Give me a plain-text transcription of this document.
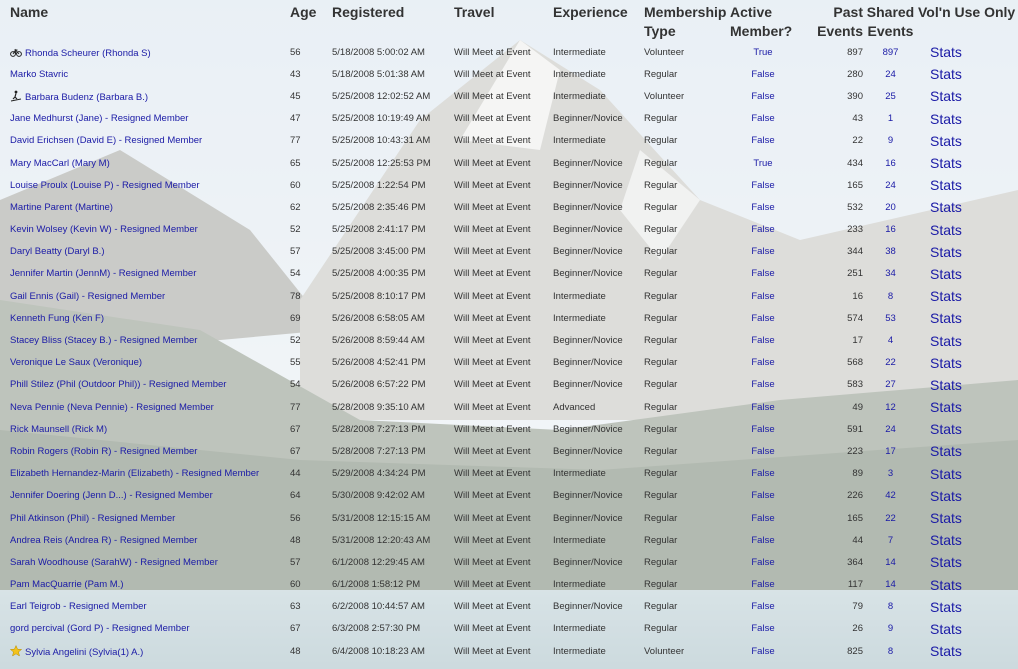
Name	Age	Registered	Travel	Experience	Membership Type	Active Member?	Past Events	Shared Events	Vol'n Use Only
Rhonda Scheurer (Rhonda S)	56	5/18/2008 5:00:02 AM	Will Meet at Event	Intermediate	Volunteer	True	897	897	Stats
Marko Stavric	43	5/18/2008 5:01:38 AM	Will Meet at Event	Intermediate	Regular	False	280	24	Stats
Barbara Budenz (Barbara B.)	45	5/25/2008 12:02:52 AM	Will Meet at Event	Intermediate	Volunteer	False	390	25	Stats
Jane Medhurst (Jane) - Resigned Member	47	5/25/2008 10:19:49 AM	Will Meet at Event	Beginner/Novice	Regular	False	43	1	Stats
David Erichsen (David E) - Resigned Member	77	5/25/2008 10:43:31 AM	Will Meet at Event	Intermediate	Regular	False	22	9	Stats
Mary MacCarl (Mary M)	65	5/25/2008 12:25:53 PM	Will Meet at Event	Beginner/Novice	Regular	True	434	16	Stats
Louise Proulx (Louise P) - Resigned Member	60	5/25/2008 1:22:54 PM	Will Meet at Event	Beginner/Novice	Regular	False	165	24	Stats
Martine Parent (Martine)	62	5/25/2008 2:35:46 PM	Will Meet at Event	Beginner/Novice	Regular	False	532	20	Stats
Kevin Wolsey (Kevin W) - Resigned Member	52	5/25/2008 2:41:17 PM	Will Meet at Event	Beginner/Novice	Regular	False	233	16	Stats
Daryl Beatty (Daryl B.)	57	5/25/2008 3:45:00 PM	Will Meet at Event	Beginner/Novice	Regular	False	344	38	Stats
Jennifer Martin (JennM) - Resigned Member	54	5/25/2008 4:00:35 PM	Will Meet at Event	Beginner/Novice	Regular	False	251	34	Stats
Gail Ennis (Gail) - Resigned Member	78	5/25/2008 8:10:17 PM	Will Meet at Event	Intermediate	Regular	False	16	8	Stats
Kenneth Fung (Ken F)	69	5/26/2008 6:58:05 AM	Will Meet at Event	Intermediate	Regular	False	574	53	Stats
Stacey Bliss (Stacey B.) - Resigned Member	52	5/26/2008 8:59:44 AM	Will Meet at Event	Beginner/Novice	Regular	False	17	4	Stats
Veronique Le Saux (Veronique)	55	5/26/2008 4:52:41 PM	Will Meet at Event	Beginner/Novice	Regular	False	568	22	Stats
Phill Stilez (Phil (Outdoor Phil)) - Resigned Member	54	5/26/2008 6:57:22 PM	Will Meet at Event	Beginner/Novice	Regular	False	583	27	Stats
Neva Pennie (Neva Pennie) - Resigned Member	77	5/28/2008 9:35:10 AM	Will Meet at Event	Advanced	Regular	False	49	12	Stats
Rick Maunsell (Rick M)	67	5/28/2008 7:27:13 PM	Will Meet at Event	Beginner/Novice	Regular	False	591	24	Stats
Robin Rogers (Robin R) - Resigned Member	67	5/28/2008 7:27:13 PM	Will Meet at Event	Beginner/Novice	Regular	False	223	17	Stats
Elizabeth Hernandez-Marin (Elizabeth) - Resigned Member	44	5/29/2008 4:34:24 PM	Will Meet at Event	Intermediate	Regular	False	89	3	Stats
Jennifer Doering (Jenn D...) - Resigned Member	64	5/30/2008 9:42:02 AM	Will Meet at Event	Beginner/Novice	Regular	False	226	42	Stats
Phil Atkinson (Phil) - Resigned Member	56	5/31/2008 12:15:15 AM	Will Meet at Event	Beginner/Novice	Regular	False	165	22	Stats
Andrea Reis (Andrea R) - Resigned Member	48	5/31/2008 12:20:43 AM	Will Meet at Event	Intermediate	Regular	False	44	7	Stats
Sarah Woodhouse (SarahW) - Resigned Member	57	6/1/2008 12:29:45 AM	Will Meet at Event	Beginner/Novice	Regular	False	364	14	Stats
Pam MacQuarrie (Pam M.)	60	6/1/2008 1:58:12 PM	Will Meet at Event	Intermediate	Regular	False	117	14	Stats
Earl Teigrob - Resigned Member	63	6/2/2008 10:44:57 AM	Will Meet at Event	Beginner/Novice	Regular	False	79	8	Stats
gord percival (Gord P) - Resigned Member	67	6/3/2008 2:57:30 PM	Will Meet at Event	Intermediate	Regular	False	26	9	Stats
Sylvia Angelini (Sylvia(1) A.)	48	6/4/2008 10:18:23 AM	Will Meet at Event	Intermediate	Volunteer	False	825	8	Stats
